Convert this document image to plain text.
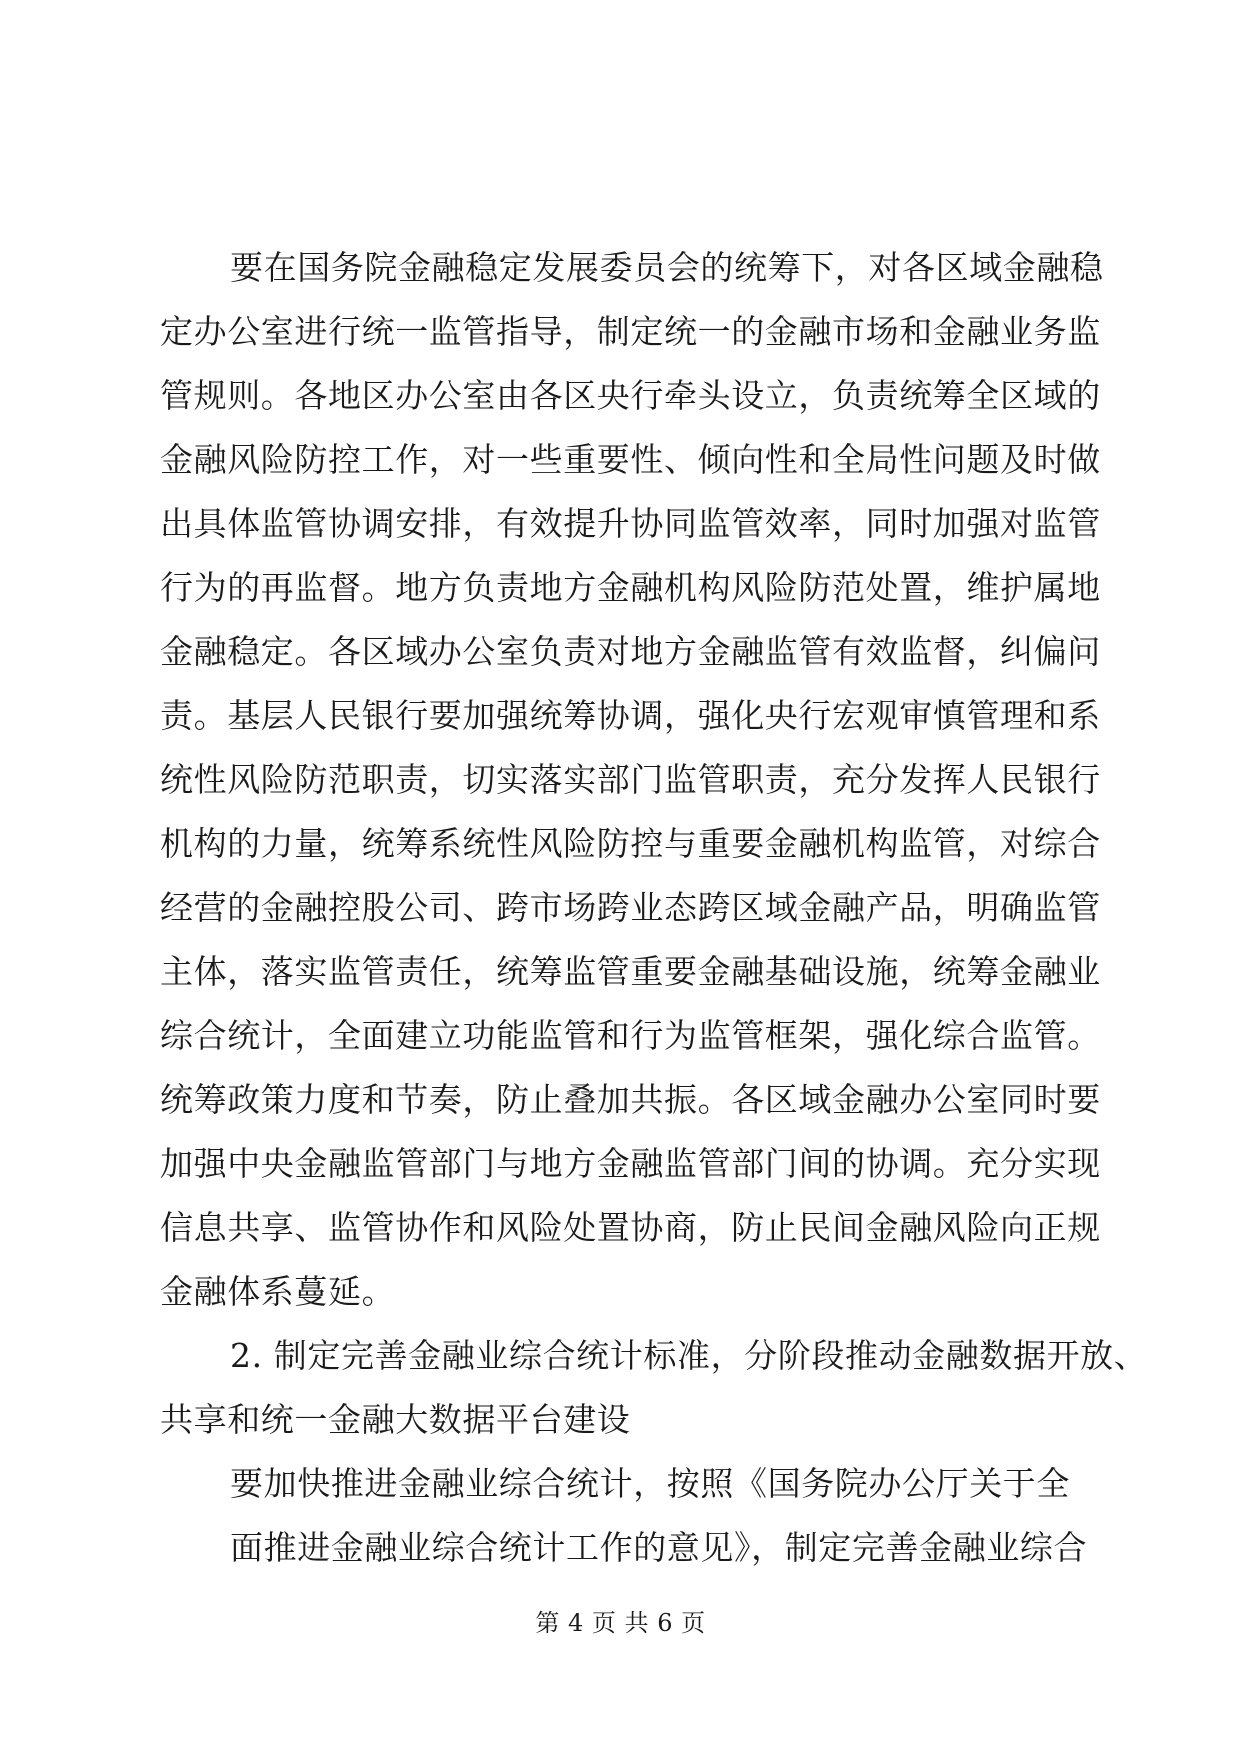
要在国务院金融稳定发展委员会的统筹下，对各区域金融稳
定办公室进行统一监管指导，制定统一的金融市场和金融业务监
管规则。各地区办公室由各区央行牵头设立，负责统筹全区域的
金融风险防控工作，对一些重要性、倾向性和全局性问题及时做
出具体监管协调安排，有效提升协同监管效率，同时加强对监管
行为的再监督。地方负责地方金融机构风险防范处置，维护属地
金融稳定。各区域办公室负责对地方金融监管有效监督，纠偏问
责。基层人民银行要加强统筹协调，强化央行宏观审慎管理和系
统性风险防范职责，切实落实部门监管职责，充分发挥人民银行
机构的力量，统筹系统性风险防控与重要金融机构监管，对综合
经营的金融控股公司、跨市场跨业态跨区域金融产品，明确监管
主体，落实监管责任，统筹监管重要金融基础设施，统筹金融业
综合统计，全面建立功能监管和行为监管框架，强化综合监管。
统筹政策力度和节奏，防止叠加共振。各区域金融办公室同时要
加强中央金融监管部门与地方金融监管部门间的协调。充分实现
信息共享、监管协作和风险处置协商，防止民间金融风险向正规
金融体系蔓延。
2. 制定完善金融业综合统计标准，分阶段推动金融数据开放、
共享和统一金融大数据平台建设
要加快推进金融业综合统计，按照《国务院办公厅关于全
面推进金融业综合统计工作的意见》，制定完善金融业综合
第 4 页 共 6 页
